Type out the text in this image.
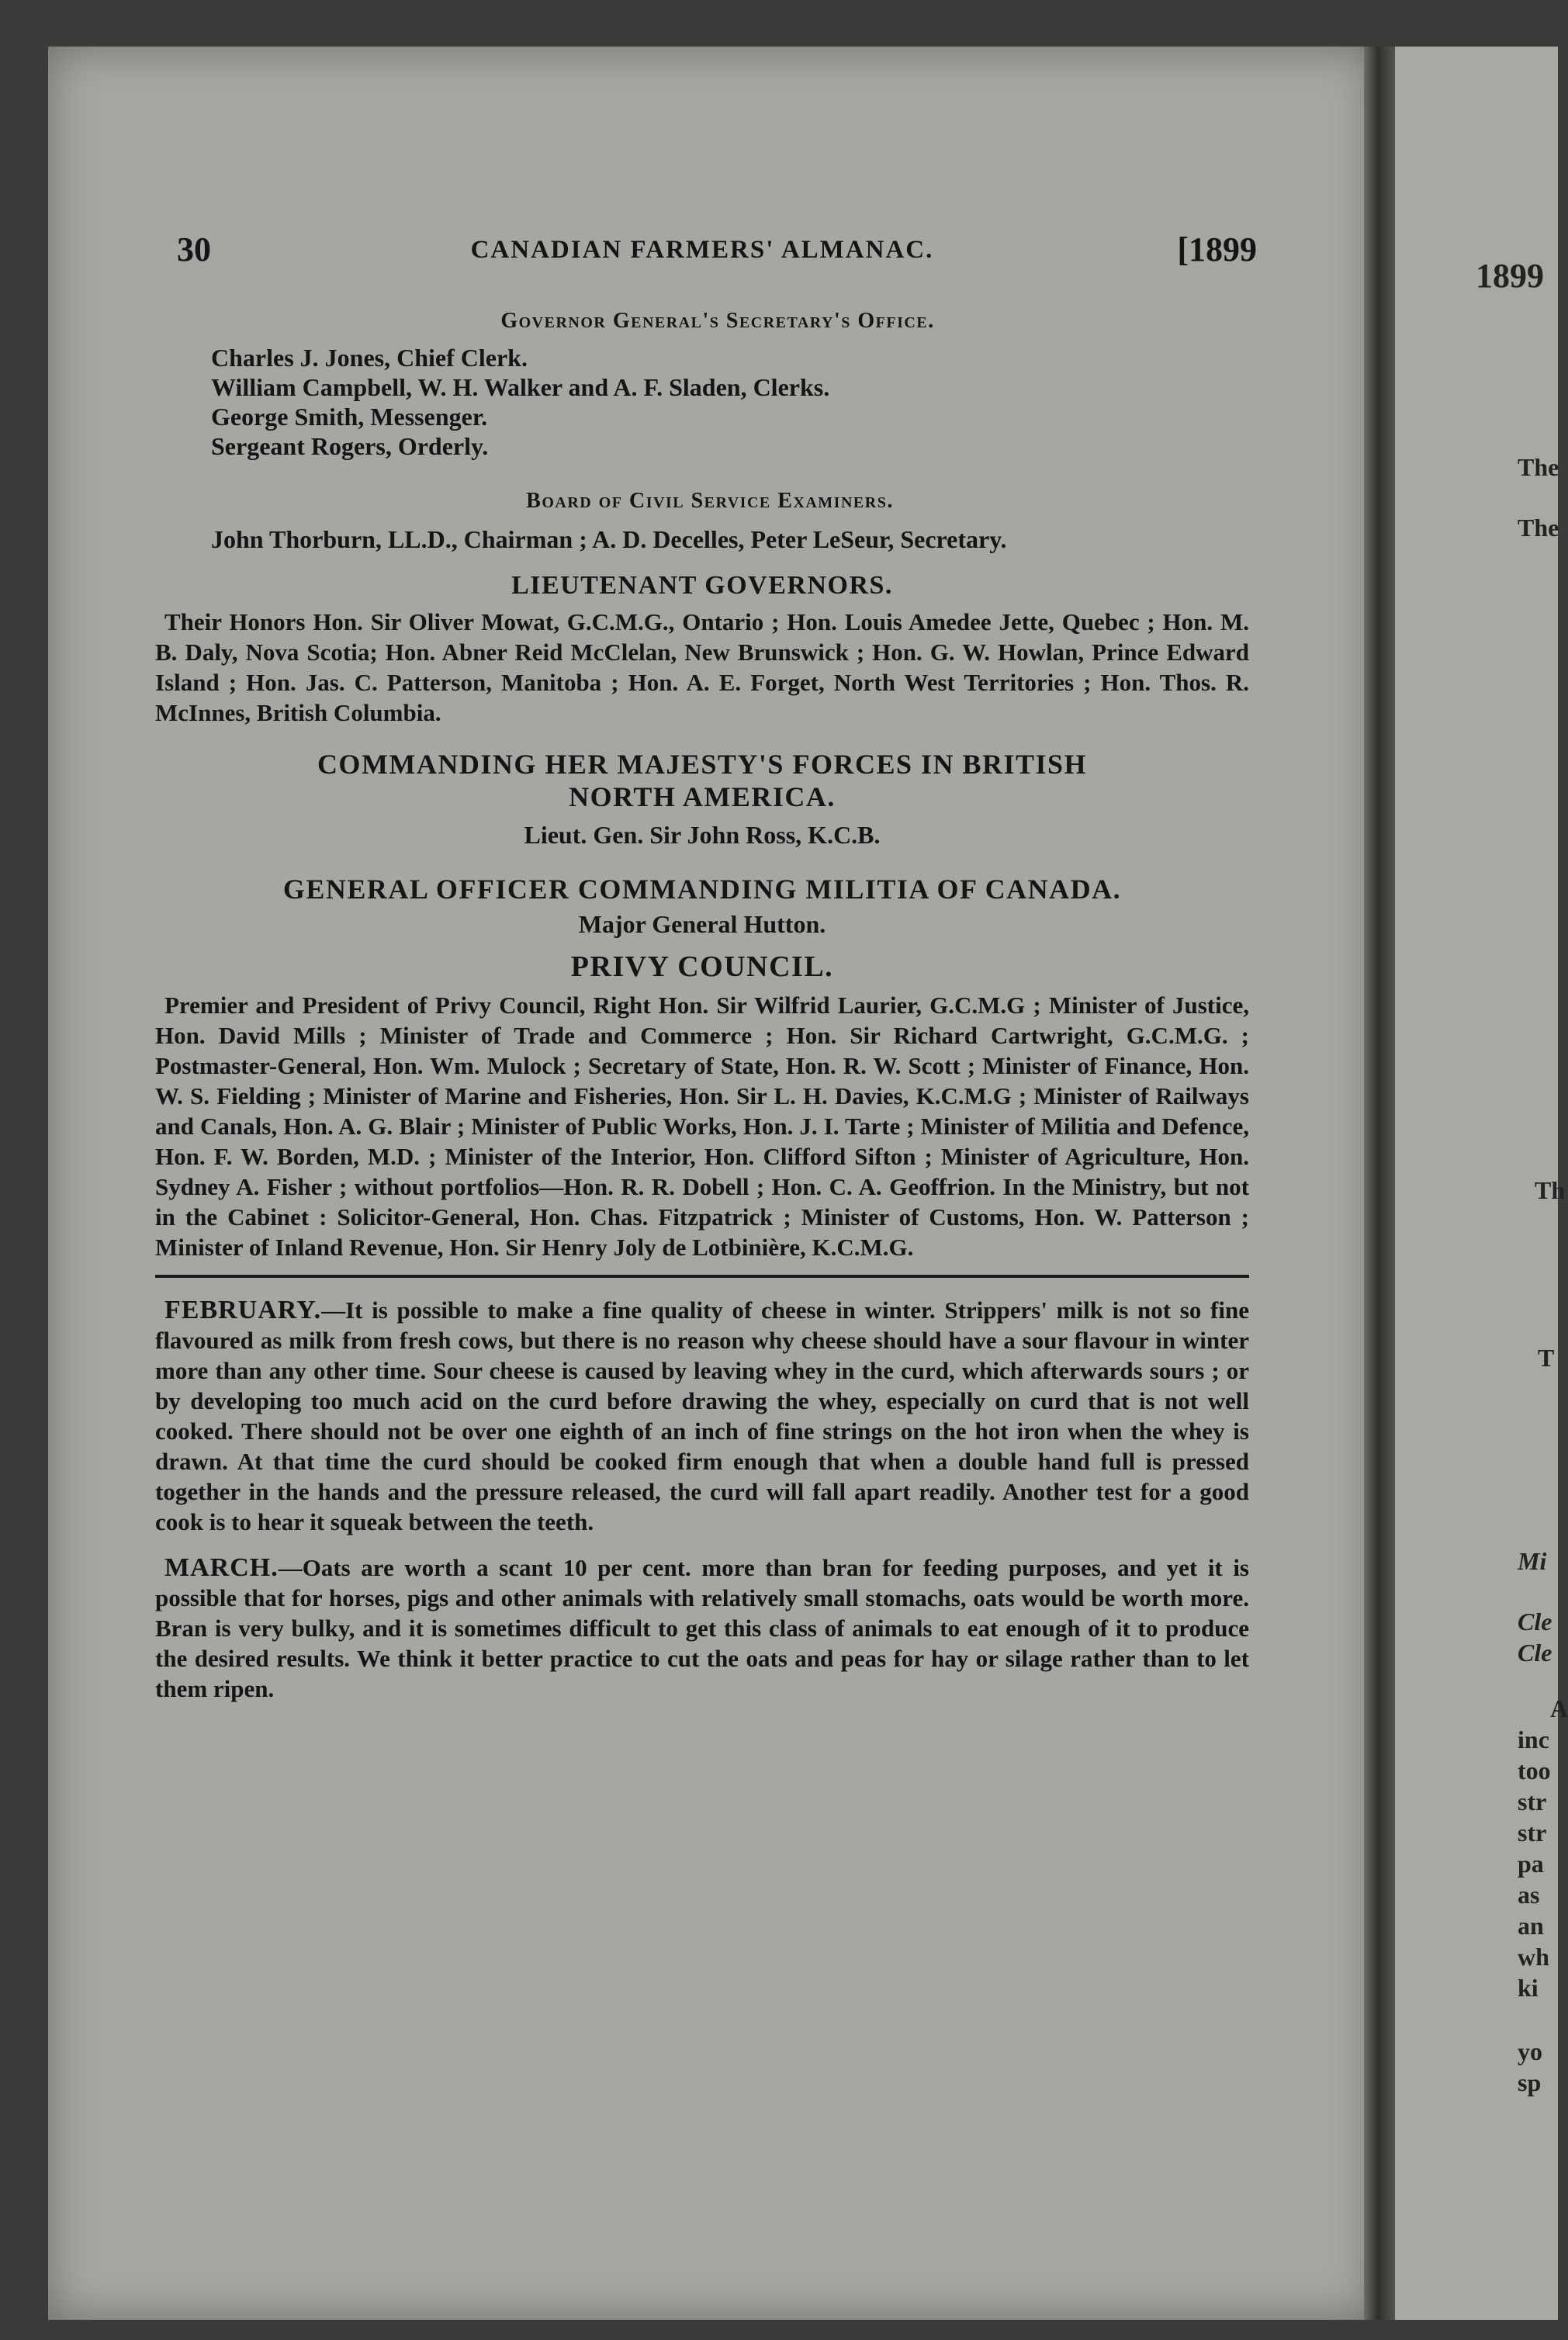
1899
The
The
Th
T
Mi
Cle
Cle
A
inc
too
str
str
pa
as
an
wh
ki
yo
sp
30	CANADIAN FARMERS' ALMANAC.	[1899
Governor General's Secretary's Office.
Charles J. Jones, Chief Clerk.
William Campbell, W. H. Walker and A. F. Sladen, Clerks.
George Smith, Messenger.
Sergeant Rogers, Orderly.
Board of Civil Service Examiners.
John Thorburn, LL.D., Chairman ; A. D. Decelles, Peter LeSeur, Secretary.
LIEUTENANT GOVERNORS.
Their Honors Hon. Sir Oliver Mowat, G.C.M.G., Ontario ; Hon. Louis Amedee Jette, Quebec ; Hon. M. B. Daly, Nova Scotia; Hon. Abner Reid McClelan, New Brunswick ; Hon. G. W. Howlan, Prince Edward Island ; Hon. Jas. C. Patterson, Manitoba ; Hon. A. E. Forget, North West Territories ; Hon. Thos. R. McInnes, British Columbia.
COMMANDING HER MAJESTY'S FORCES IN BRITISH
NORTH AMERICA.
Lieut. Gen. Sir John Ross, K.C.B.
GENERAL OFFICER COMMANDING MILITIA OF CANADA.
Major General Hutton.
PRIVY COUNCIL.
Premier and President of Privy Council, Right Hon. Sir Wilfrid Laurier, G.C.M.G ; Minister of Justice, Hon. David Mills ; Minister of Trade and Commerce ; Hon. Sir Richard Cartwright, G.C.M.G. ; Postmaster-General, Hon. Wm. Mulock ; Secretary of State, Hon. R. W. Scott ; Minister of Finance, Hon. W. S. Fielding ; Minister of Marine and Fisheries, Hon. Sir L. H. Davies, K.C.M.G ; Minister of Railways and Canals, Hon. A. G. Blair ; Minister of Public Works, Hon. J. I. Tarte ; Minister of Militia and Defence, Hon. F. W. Borden, M.D. ; Minister of the Interior, Hon. Clifford Sifton ; Minister of Agriculture, Hon. Sydney A. Fisher ; without portfolios—Hon. R. R. Dobell ; Hon. C. A. Geoffrion. In the Ministry, but not in the Cabinet : Solicitor-General, Hon. Chas. Fitzpatrick ; Minister of Customs, Hon. W. Patterson ; Minister of Inland Revenue, Hon. Sir Henry Joly de Lotbinière, K.C.M.G.
FEBRUARY.—It is possible to make a fine quality of cheese in winter. Strippers' milk is not so fine flavoured as milk from fresh cows, but there is no reason why cheese should have a sour flavour in winter more than any other time. Sour cheese is caused by leaving whey in the curd, which afterwards sours ; or by developing too much acid on the curd before drawing the whey, especially on curd that is not well cooked. There should not be over one eighth of an inch of fine strings on the hot iron when the whey is drawn. At that time the curd should be cooked firm enough that when a double hand full is pressed together in the hands and the pressure released, the curd will fall apart readily. Another test for a good cook is to hear it squeak between the teeth.
MARCH.—Oats are worth a scant 10 per cent. more than bran for feeding purposes, and yet it is possible that for horses, pigs and other animals with relatively small stomachs, oats would be worth more. Bran is very bulky, and it is sometimes difficult to get this class of animals to eat enough of it to produce the desired results. We think it better practice to cut the oats and peas for hay or silage rather than to let them ripen.
